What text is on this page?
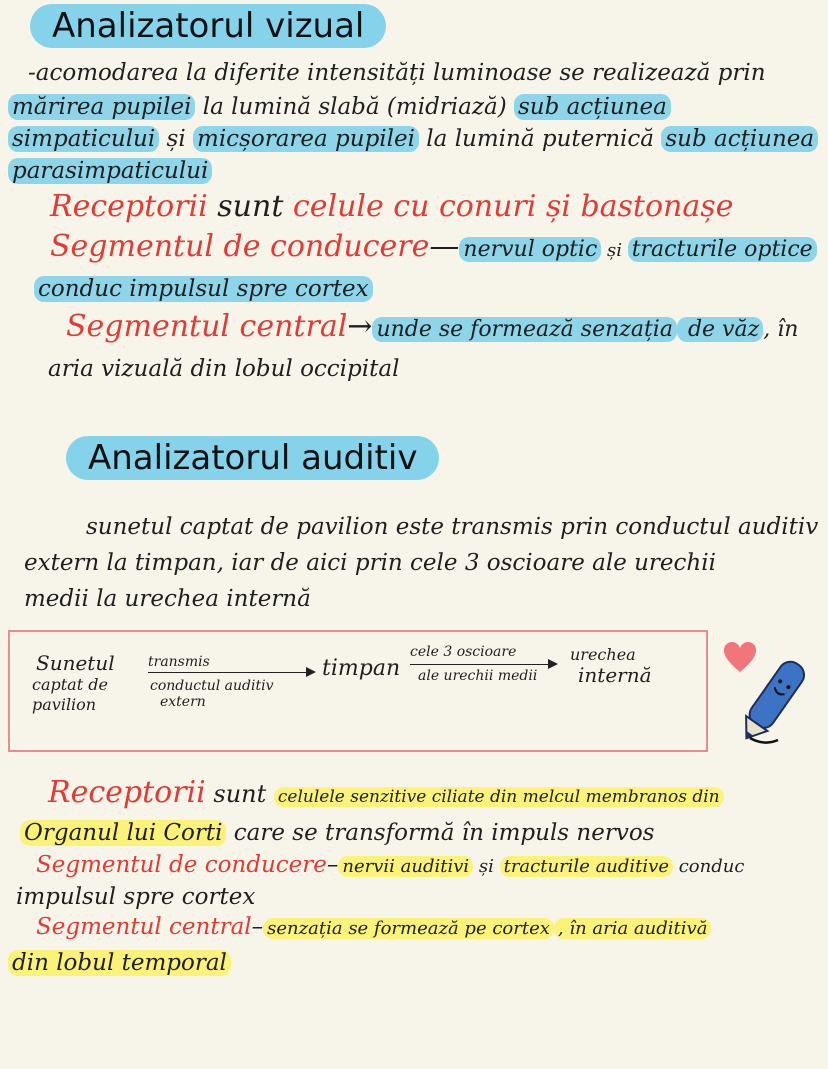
Analizatorul vizual
-acomodarea la diferite intensități luminoase se realizează prin
mărirea pupilei la lumină slabă (midriază) sub acțiunea
simpaticului și micșorarea pupilei la lumină puternică sub acțiunea
parasimpaticului
Receptorii sunt celule cu conuri și bastonașe
Segmentul de conducere— nervul optic și tracturile optice
conduc impulsul spre cortex
Segmentul central→ unde se formează senzația de văz , în
aria vizuală din lobul occipital
Analizatorul auditiv
sunetul captat de pavilion este transmis prin conductul auditiv
extern la timpan, iar de aici prin cele 3 oscioare ale urechii
medii la urechea internă
Sunetul
captat de
pavilion
transmis
conductul auditiv
extern
timpan
cele 3 oscioare
ale urechii medii
urechea
internă
Receptorii sunt celulele senzitive ciliate din melcul membranos din
Organul lui Corti care se transformă în impuls nervos
Segmentul de conducere– nervii auditivi și tracturile auditive conduc
impulsul spre cortex
Segmentul central– senzația se formează pe cortex , în aria auditivă
din lobul temporal
